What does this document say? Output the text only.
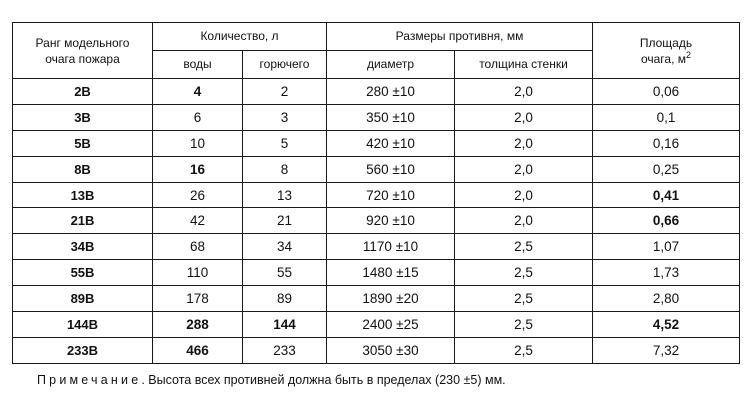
Ранг модельного
очага пожара	Количество, л		Размеры противня, мм		Площадь
очага, $м^2$
	воды	горючего	диаметр	толщина стенки	
2В	4	2	280 ±10	2,0	0,06
3В	6	3	350 ±10	2,0	0,1
5В	10	5	420 ±10	2,0	0,16
8В	16	8	560 ±10	2,0	0,25
13В	26	13	720 ±10	2,0	0,41
21В	42	21	920 ±10	2,0	0,66
34В	68	34	1170 ±10	2,5	1,07
55В	110	55	1480 ±15	2,5	1,73
89В	178	89	1890 ±20	2,5	2,80
144В	288	144	2400 ±25	2,5	4,52
233В	466	233	3050 ±30	2,5	7,32
Примечание. Высота всех противней должна быть в пределах (230 ±5) мм.
